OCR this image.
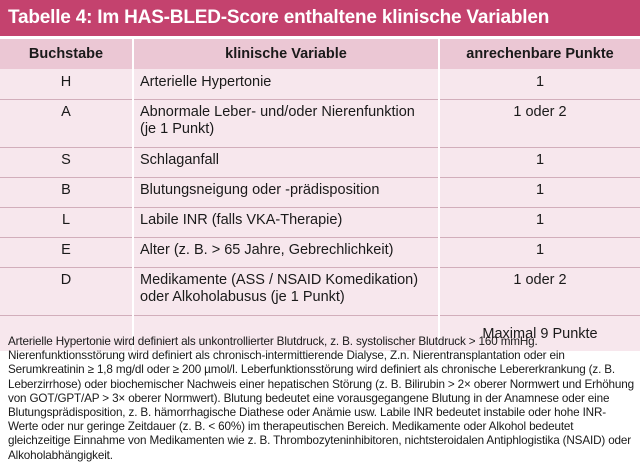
Tabelle 4: Im HAS-BLED-Score enthaltene klinische Variablen
Buchstabe	klinische Variable	anrechenbare Punkte
H	Arterielle Hypertonie	1
A	Abnormale Leber- und/oder Nierenfunktion (je 1 Punkt)	1 oder 2
S	Schlaganfall	1
B	Blutungsneigung oder -prädisposition	1
L	Labile INR (falls VKA-Therapie)	1
E	Alter (z. B. > 65 Jahre, Gebrechlichkeit)	1
D	Medikamente (ASS / NSAID Komedikation) oder Alkoholabusus (je 1 Punkt)	1 oder 2
		Maximal 9 Punkte

Arterielle Hypertonie wird definiert als unkontrollierter Blutdruck, z. B. systolischer Blutdruck > 160 mmHg. Nierenfunktionsstörung wird definiert als chronisch-intermittierende Dialyse, Z.n. Nierentransplantation oder ein Serumkreatinin ≥ 1,8 mg/dl oder ≥ 200 µmol/l. Leberfunktionsstörung wird definiert als chronische Lebererkrankung (z. B. Leberzirrhose) oder biochemischer Nachweis einer hepatischen Störung (z. B. Bilirubin > 2× oberer Normwert und Erhöhung von GOT/GPT/AP > 3× oberer Normwert). Blutung bedeutet eine vorausgegangene Blutung in der Anamnese oder eine Blutungsprädisposition, z. B. hämorrhagische Diathese oder Anämie usw. Labile INR bedeutet instabile oder hohe INR-Werte oder nur geringe Zeitdauer (z. B. < 60%) im therapeutischen Bereich. Medikamente oder Alkohol bedeutet gleichzeitige Einnahme von Medikamenten wie z. B. Thrombozyteninhibitoren, nichtsteroidalen Antiphlogistika (NSAID) oder Alkoholabhängigkeit.
